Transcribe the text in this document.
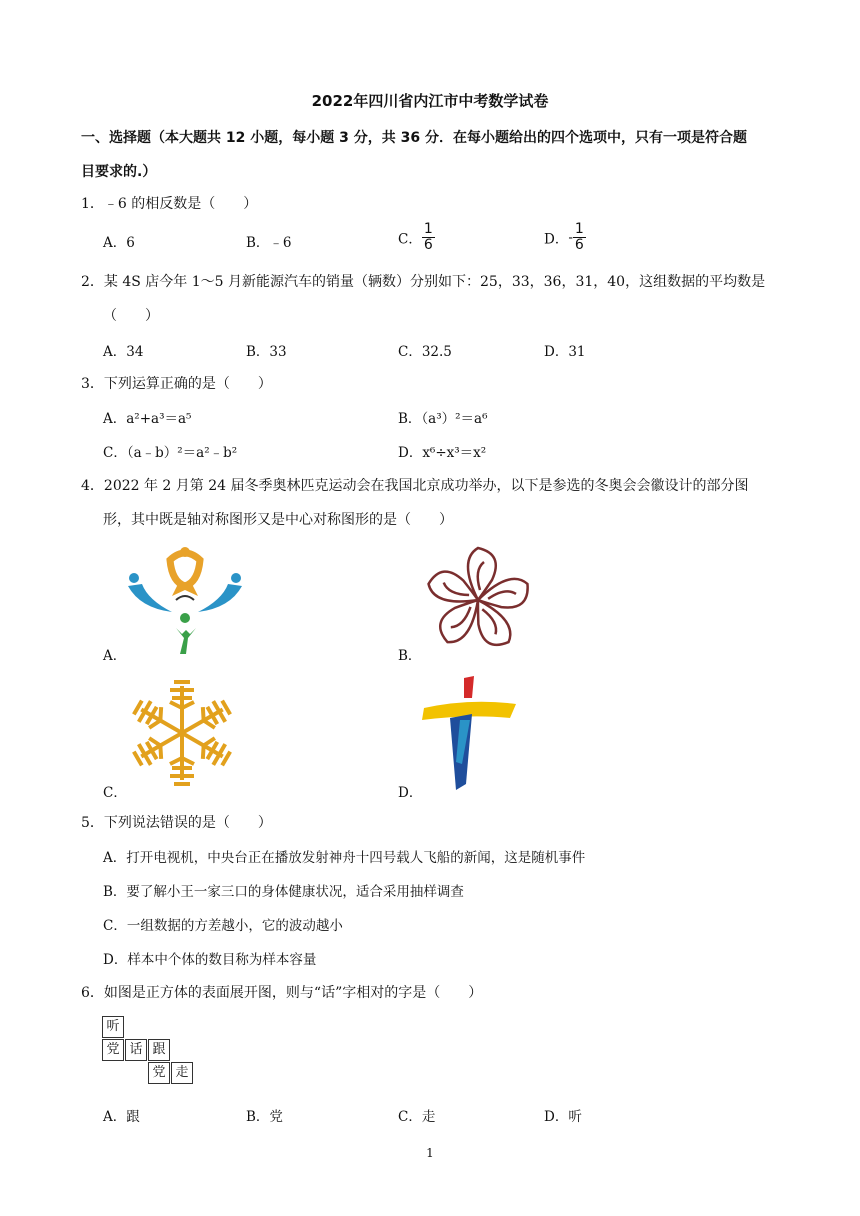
2022年四川省内江市中考数学试卷
一、选择题（本大题共 12 小题，每小题 3 分，共 36 分．在每小题给出的四个选项中，只有一项是符合题
目要求的.）
1．﹣6 的相反数是（　　）
A．6	B．﹣6	C． $\frac{1}{6}$	D．- $\frac{1}{6}$
2．某 4S 店今年 1～5 月新能源汽车的销量（辆数）分别如下：25，33，36，31，40，这组数据的平均数是
（　　）
A．34	B．33	C．32.5	D．31
3．下列运算正确的是（　　）
A．a²+a³＝a⁵	B．（a³）²＝a⁶
C．（a﹣b）²＝a²﹣b²	D．x⁶÷x³＝x²
4．2022 年 2 月第 24 届冬季奥林匹克运动会在我国北京成功举办，以下是参选的冬奥会会徽设计的部分图
形，其中既是轴对称图形又是中心对称图形的是（　　）
A．	B．
C．	D．
5．下列说法错误的是（　　）
A．打开电视机，中央台正在播放发射神舟十四号载人飞船的新闻，这是随机事件
B．要了解小王一家三口的身体健康状况，适合采用抽样调查
C．一组数据的方差越小，它的波动越小
D．样本中个体的数目称为样本容量
6．如图是正方体的表面展开图，则与“话”字相对的字是（　　）
听
党 话 跟
党 走
A．跟	B．党	C．走	D．听
1
